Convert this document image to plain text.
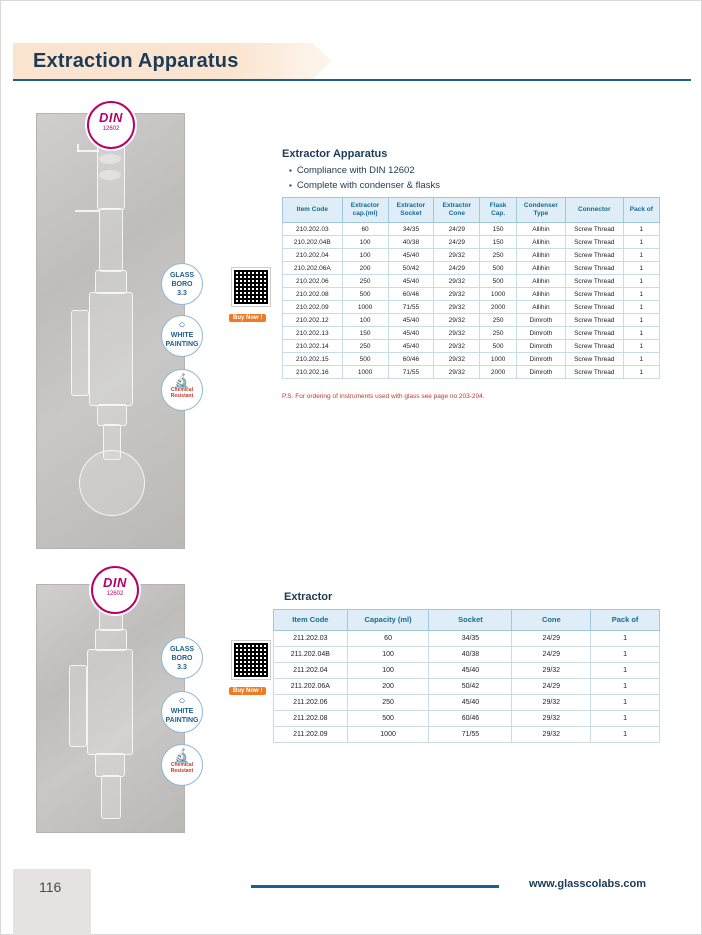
Extraction Apparatus
DIN
12602
GLASS
BORO
3.3
○
WHITE
PAINTING
🔬
Chemical
Resistant
Buy Now !
Extractor Apparatus
▪ Compliance with DIN 12602
▪ Complete with condenser & flasks
Item Code	Extractor cap.(ml)	Extractor Socket	Extractor Cone	Flask Cap.	Condenser Type	Connector	Pack of
210.202.03	60	34/35	24/29	150	Allihin	Screw Thread	1
210.202.04B	100	40/38	24/29	150	Allihin	Screw Thread	1
210.202.04	100	45/40	29/32	250	Allihin	Screw Thread	1
210.202.06A	200	50/42	24/29	500	Allihin	Screw Thread	1
210.202.06	250	45/40	29/32	500	Allihin	Screw Thread	1
210.202.08	500	60/46	29/32	1000	Allihin	Screw Thread	1
210.202.09	1000	71/55	29/32	2000	Allihin	Screw Thread	1
210.202.12	100	45/40	29/32	250	Dimroth	Screw Thread	1
210.202.13	150	45/40	29/32	250	Dimroth	Screw Thread	1
210.202.14	250	45/40	29/32	500	Dimroth	Screw Thread	1
210.202.15	500	60/46	29/32	1000	Dimroth	Screw Thread	1
210.202.16	1000	71/55	29/32	2000	Dimroth	Screw Thread	1
P.S. For ordering of instruments used with glass see page no 203-204.
DIN
12602
GLASS
BORO
3.3
○
WHITE
PAINTING
🔬
Chemical
Resistant
Buy Now !
Extractor
Item Code	Capacity (ml)	Socket	Cone	Pack of
211.202.03	60	34/35	24/29	1
211.202.04B	100	40/38	24/29	1
211.202.04	100	45/40	29/32	1
211.202.06A	200	50/42	24/29	1
211.202.06	250	45/40	29/32	1
211.202.08	500	60/46	29/32	1
211.202.09	1000	71/55	29/32	1
116	www.glasscolabs.com
